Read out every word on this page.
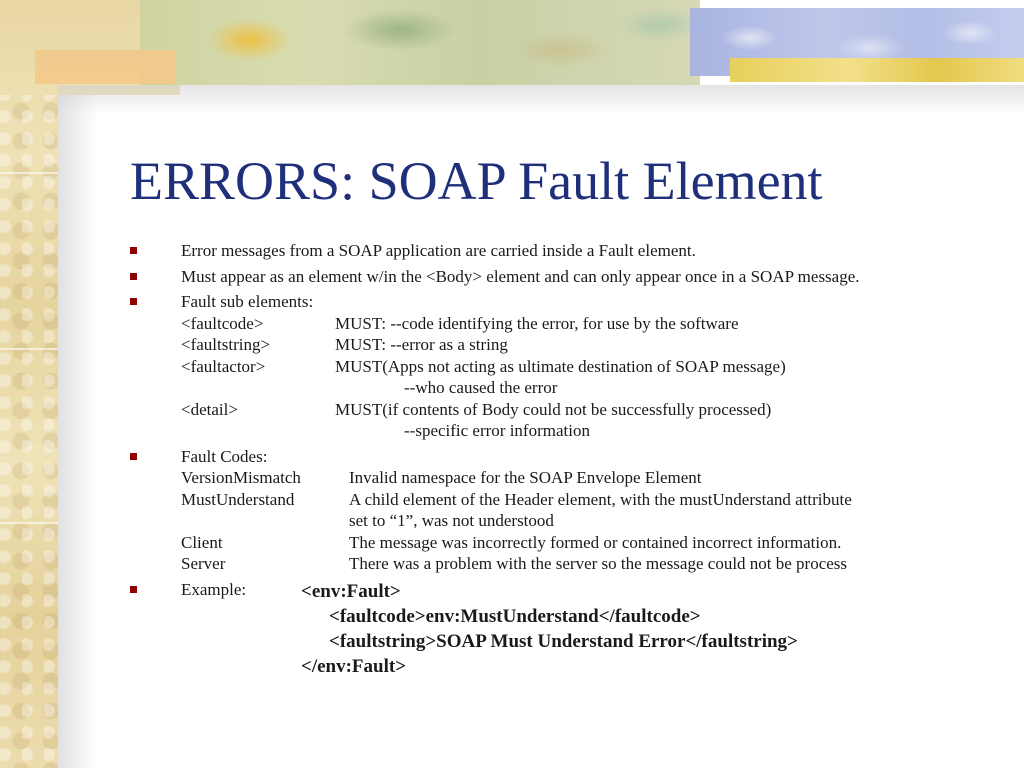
ERRORS: SOAP Fault Element
Error messages from a SOAP application are carried inside a Fault element.
Must appear as an element w/in the <Body> element and can only appear once in a SOAP message.
Fault sub elements:
<faultcode>	MUST: --code identifying the error, for use by the software
<faultstring>	MUST: --error as a string
<faultactor>	MUST(Apps not acting as ultimate destination of SOAP message)
--who caused the error
<detail>	MUST(if contents of Body could not be successfully processed)
--specific error information
Fault Codes:
VersionMismatch	Invalid namespace for the SOAP Envelope Element
MustUnderstand	A child element of the Header element, with the mustUnderstand attribute
set to “1”, was not understood
Client	The message was incorrectly formed or contained incorrect information.
Server	There was a problem with the server so the message could not be process
Example:	<env:Fault>
<faultcode>env:MustUnderstand</faultcode>
<faultstring>SOAP Must Understand Error</faultstring>
</env:Fault>
